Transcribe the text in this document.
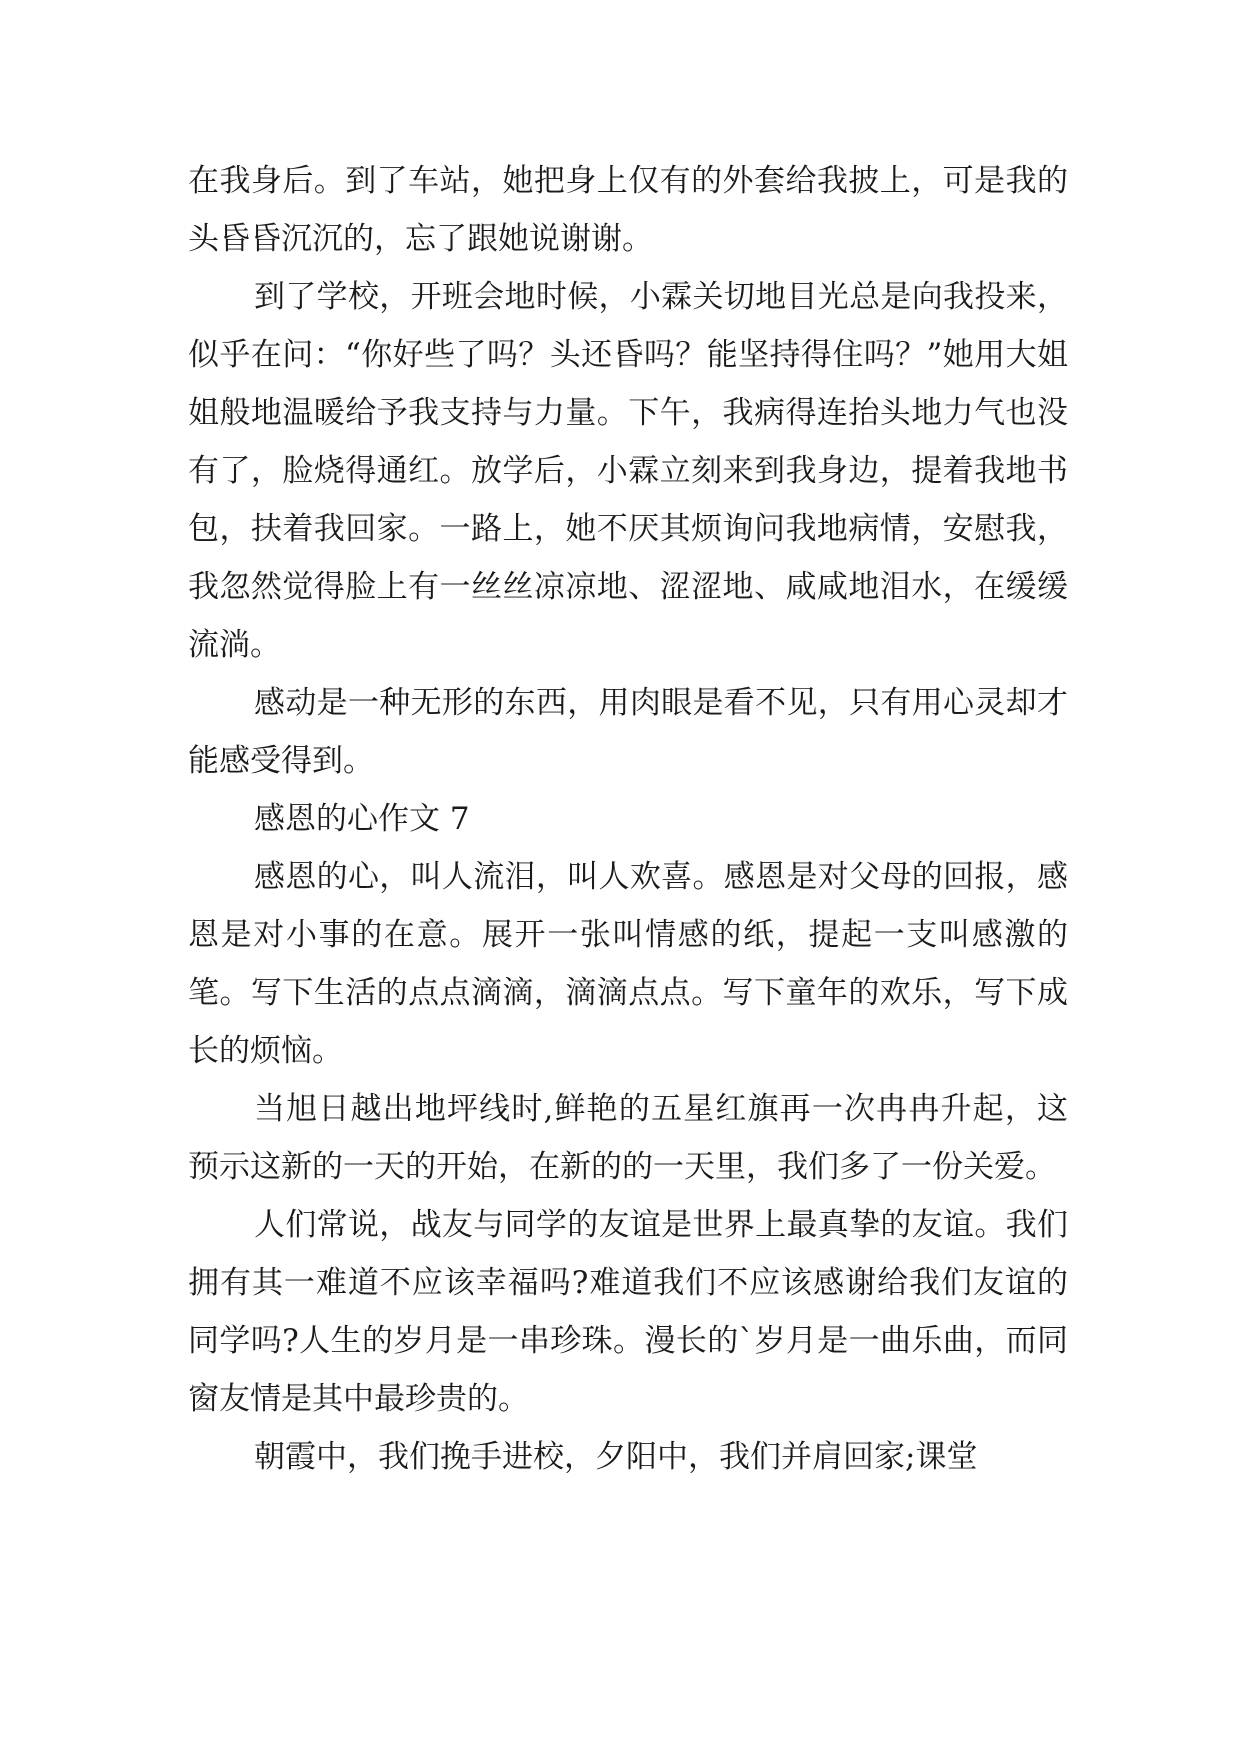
在我身后。到了车站，她把身上仅有的外套给我披上，可是我的头昏昏沉沉的，忘了跟她说谢谢。

到了学校，开班会地时候，小霖关切地目光总是向我投来，似乎在问：“你好些了吗？头还昏吗？能坚持得住吗？”她用大姐姐般地温暖给予我支持与力量。下午，我病得连抬头地力气也没有了，脸烧得通红。放学后，小霖立刻来到我身边，提着我地书包，扶着我回家。一路上，她不厌其烦询问我地病情，安慰我，我忽然觉得脸上有一丝丝凉凉地、涩涩地、咸咸地泪水，在缓缓流淌。

感动是一种无形的东西，用肉眼是看不见，只有用心灵却才能感受得到。

感恩的心作文 7

感恩的心，叫人流泪，叫人欢喜。感恩是对父母的回报，感恩是对小事的在意。展开一张叫情感的纸，提起一支叫感激的笔。写下生活的点点滴滴，滴滴点点。写下童年的欢乐，写下成长的烦恼。

当旭日越出地坪线时,鲜艳的五星红旗再一次冉冉升起，这预示这新的一天的开始，在新的的一天里，我们多了一份关爱。

人们常说，战友与同学的友谊是世界上最真挚的友谊。我们拥有其一难道不应该幸福吗?难道我们不应该感谢给我们友谊的同学吗?人生的岁月是一串珍珠。漫长的`岁月是一曲乐曲，而同窗友情是其中最珍贵的。

朝霞中，我们挽手进校，夕阳中，我们并肩回家;课堂
